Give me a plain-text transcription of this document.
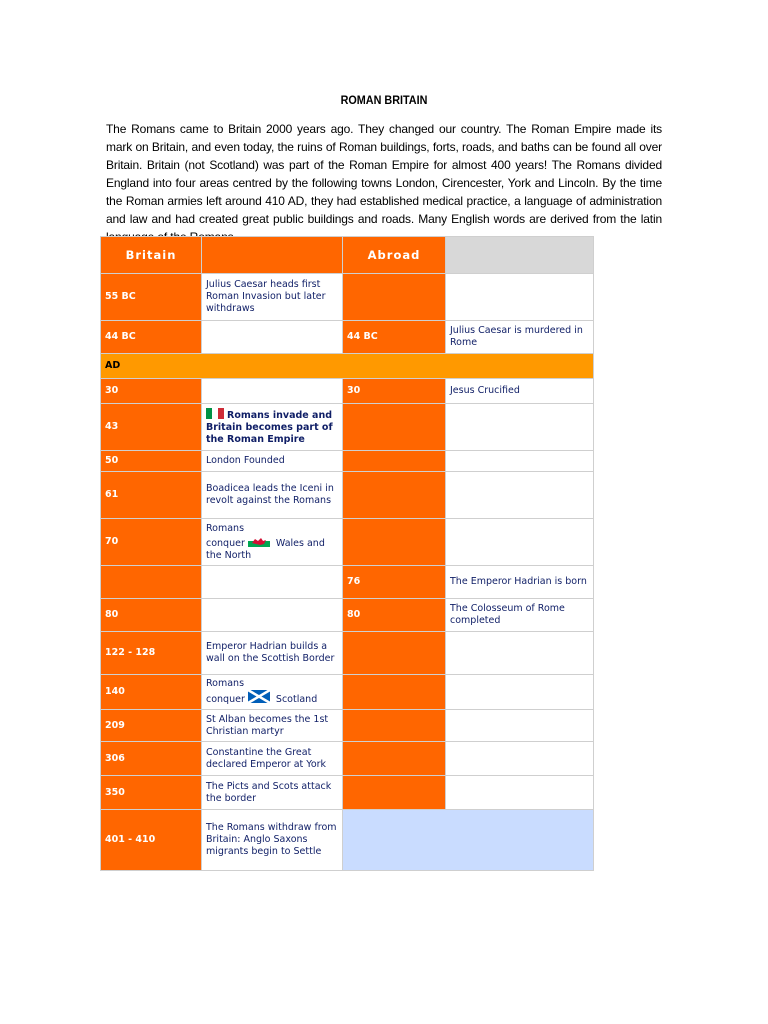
ROMAN BRITAIN
The Romans came to Britain 2000 years ago. They changed our country. The Roman Empire made its mark on Britain, and even today, the ruins of Roman buildings, forts, roads, and baths can be found all over Britain. Britain (not Scotland) was part of the Roman Empire for almost 400 years! The Romans divided England into four areas centred by the following towns London, Cirencester, York and Lincoln. By the time the Roman armies left around 410 AD, they had established medical practice, a language of administration and law and had created great public buildings and roads. Many English words are derived from the latin
Britain		Abroad	
55 BC	Julius Caesar heads first Roman Invasion but later withdraws		
44 BC		44 BC	Julius Caesar is murdered in Rome
AD			
30		30	Jesus Crucified
43	Romans invade and Britain becomes part of the Roman Empire		
50	London Founded		
61	Boadicea leads the Iceni in revolt against the Romans		
70	Romans
conquer Wales and the North		
		76	The Emperor Hadrian is born
80		80	The Colosseum of Rome completed
122 - 128	Emperor Hadrian builds a wall on the Scottish Border		
140	Romans
conquer Scotland		
209	St Alban becomes the 1st Christian martyr		
306	Constantine the Great declared Emperor at York		
350	The Picts and Scots attack the border		
401 - 410	The Romans withdraw from Britain: Anglo Saxons migrants begin to Settle		
